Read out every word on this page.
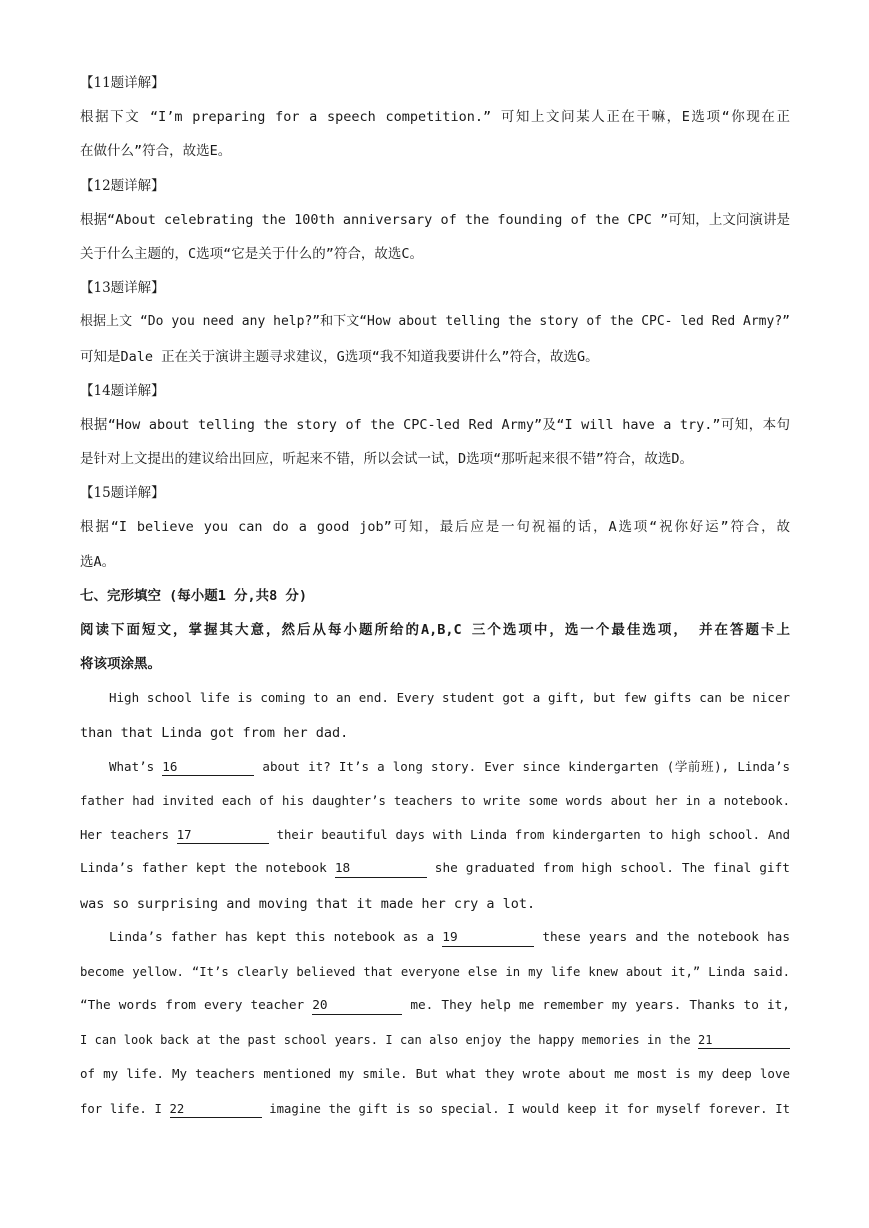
【11题详解】
根据下文 “I’m preparing for a speech competition.” 可知上文问某人正在干嘛，E选项“你现在正
在做什么”符合，故选E。
【12题详解】
根据“About celebrating the 100th anniversary of the founding of the CPC ”可知，上文问演讲是
关于什么主题的，C选项“它是关于什么的”符合，故选C。
【13题详解】
根据上文 “Do you need any help?”和下文“How about telling the story of the CPC- led Red Army?”
可知是Dale 正在关于演讲主题寻求建议，G选项“我不知道我要讲什么”符合，故选G。
【14题详解】
根据“How about telling the story of the CPC-led Red Army”及“I will have a try.”可知，本句
是针对上文提出的建议给出回应，听起来不错，所以会试一试，D选项“那听起来很不错”符合，故选D。
【15题详解】
根据“I believe you can do a good job”可知，最后应是一句祝福的话，A选项“祝你好运”符合，故
选A。
七、完形填空 (每小题1 分,共8 分)
阅读下面短文，掌握其大意，然后从每小题所给的A,B,C 三个选项中，选一个最佳选项， 并在答题卡上
将该项涂黑。
High school life is coming to an end. Every student got a gift, but few gifts can be nicer
than that Linda got from her dad.
What’s 16	about it? It’s a long story. Ever since kindergarten (学前班), Linda’s
father had invited each of his daughter’s teachers to write some words about her in a notebook.
Her teachers 17	their beautiful days with Linda from kindergarten to high school. And
Linda’s father kept the notebook 18	she graduated from high school. The final gift
was so surprising and moving that it made her cry a lot.
Linda’s father has kept this notebook as a 19	these years and the notebook has
become yellow. “It’s clearly believed that everyone else in my life knew about it,” Linda said.
“The words from every teacher 20	me. They help me remember my years. Thanks to it,
I can look back at the past school years. I can also enjoy the happy memories in the 21
of my life. My teachers mentioned my smile. But what they wrote about me most is my deep love
for life. I 22	imagine the gift is so special. I would keep it for myself forever. It
